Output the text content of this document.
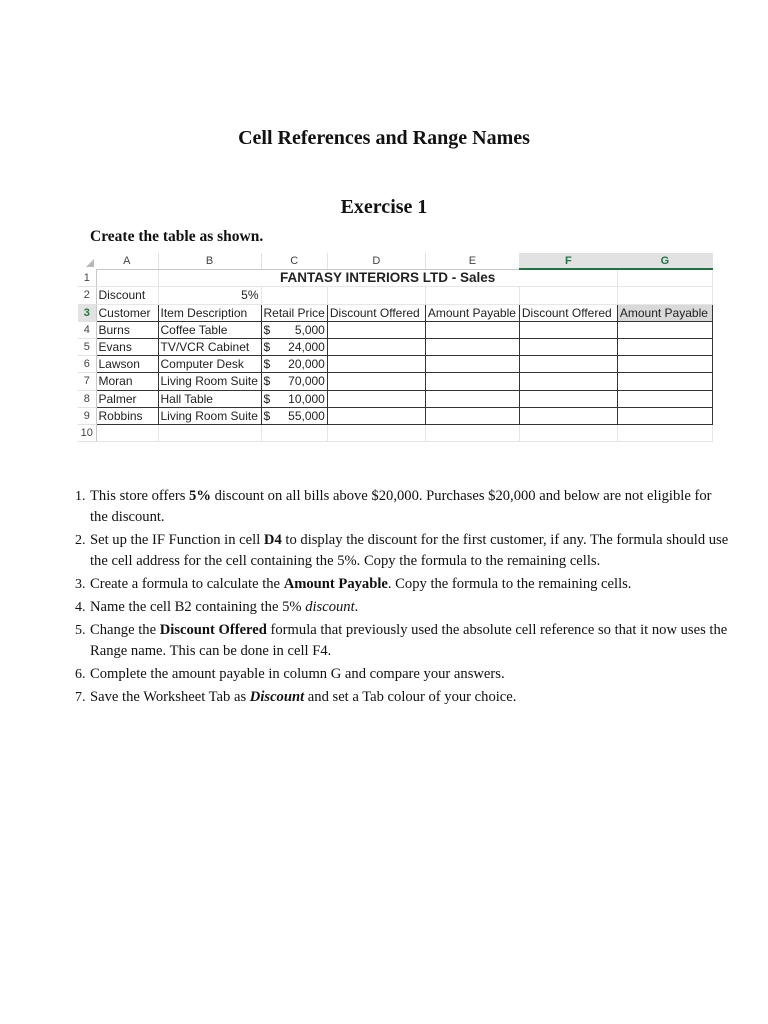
Cell References and Range Names
Exercise 1
Create the table as shown.
	A	B	C	D	E	F	G
1		FANTASY INTERIORS LTD - Sales					
2	Discount	5%					
3	Customer	Item Description	Retail Price	Discount Offered	Amount Payable	Discount Offered	Amount Payable
4	Burns	Coffee Table	$ 5,000				

5	Evans	TV/VCR Cabinet	$ 24,000				

6	Lawson	Computer Desk	$ 20,000				

7	Moran	Living Room Suite	$ 70,000				

8	Palmer	Hall Table	$ 10,000				

9	Robbins	Living Room Suite	$ 55,000				

10							
1. This store offers 5% discount on all bills above $20,000. Purchases $20,000 and below are not eligible for the discount.
2. Set up the IF Function in cell D4 to display the discount for the first customer, if any. The formula should use the cell address for the cell containing the 5%. Copy the formula to the remaining cells.
3. Create a formula to calculate the Amount Payable. Copy the formula to the remaining cells.
4. Name the cell B2 containing the 5% discount.
5. Change the Discount Offered formula that previously used the absolute cell reference so that it now uses the Range name. This can be done in cell F4.
6. Complete the amount payable in column G and compare your answers.
7. Save the Worksheet Tab as Discount and set a Tab colour of your choice.
